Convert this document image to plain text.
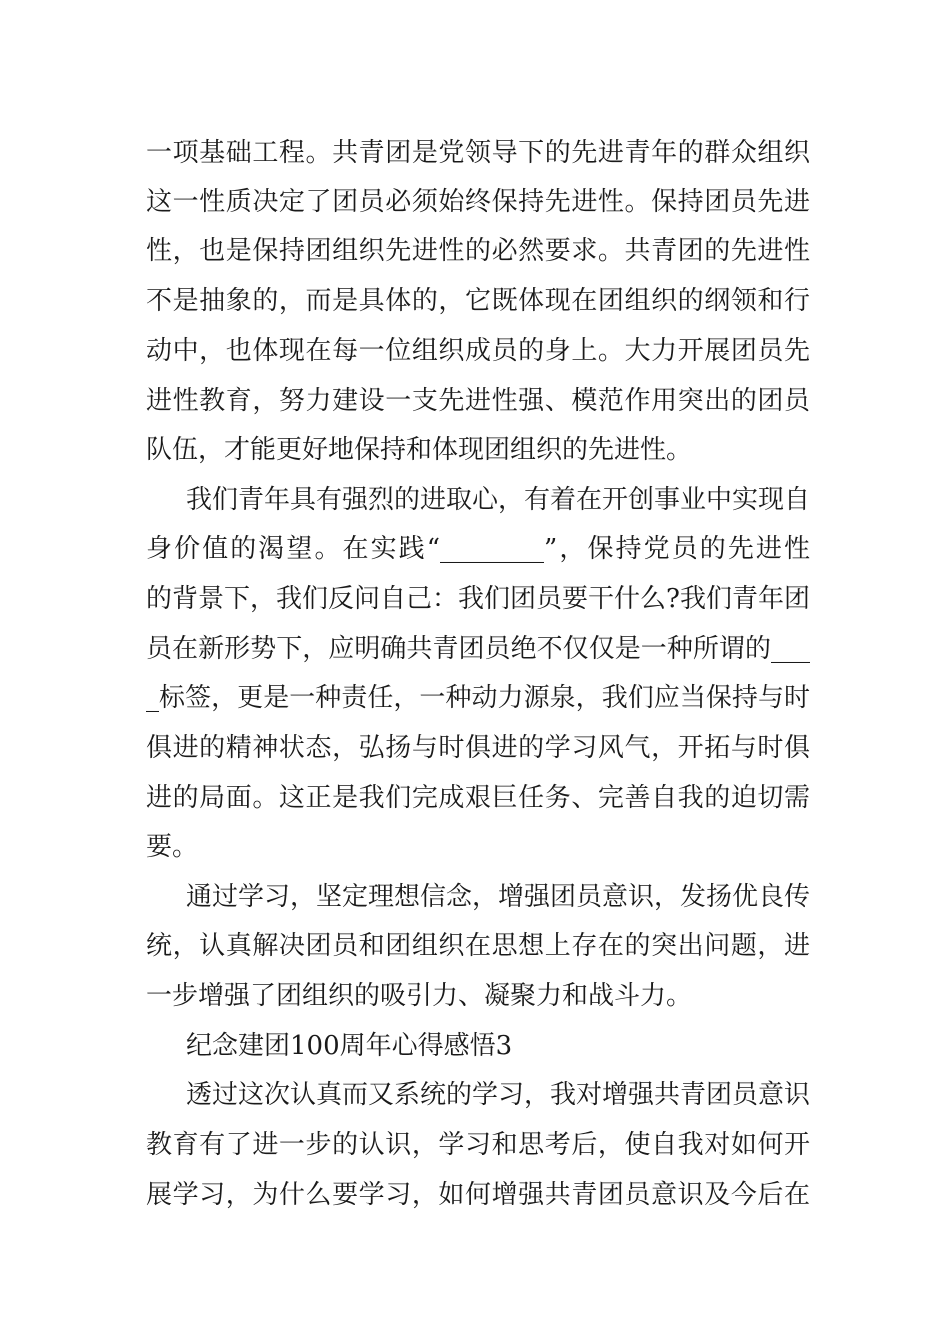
一项基础工程。共青团是党领导下的先进青年的群众组织
这一性质决定了团员必须始终保持先进性。保持团员先进
性，也是保持团组织先进性的必然要求。共青团的先进性
不是抽象的，而是具体的，它既体现在团组织的纲领和行
动中，也体现在每一位组织成员的身上。大力开展团员先
进性教育，努力建设一支先进性强、模范作用突出的团员
队伍，才能更好地保持和体现团组织的先进性。
我们青年具有强烈的进取心，有着在开创事业中实现自
身价值的渴望。在实践“________”，保持党员的先进性
的背景下，我们反问自己：我们团员要干什么?我们青年团
员在新形势下，应明确共青团员绝不仅仅是一种所谓的___
_标签，更是一种责任，一种动力源泉，我们应当保持与时
俱进的精神状态，弘扬与时俱进的学习风气，开拓与时俱
进的局面。这正是我们完成艰巨任务、完善自我的迫切需
要。
通过学习，坚定理想信念，增强团员意识，发扬优良传
统，认真解决团员和团组织在思想上存在的突出问题，进
一步增强了团组织的吸引力、凝聚力和战斗力。
纪念建团100周年心得感悟3
透过这次认真而又系统的学习，我对增强共青团员意识
教育有了进一步的认识，学习和思考后，使自我对如何开
展学习，为什么要学习，如何增强共青团员意识及今后在
